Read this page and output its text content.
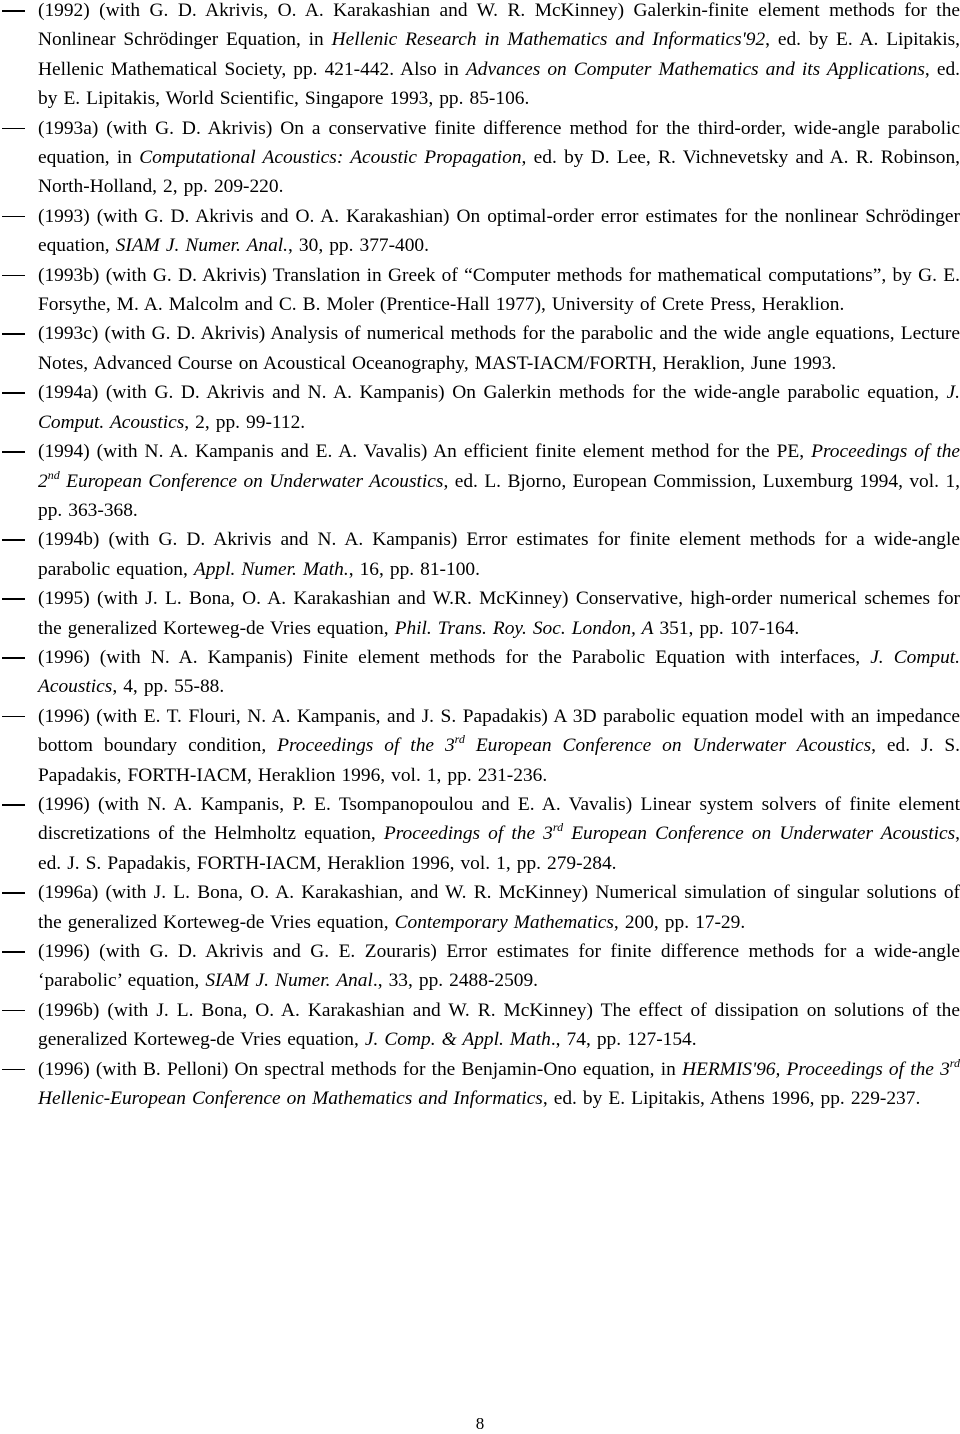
(1992) (with G. D. Akrivis, O. A. Karakashian and W. R. McKinney) Galerkin-finite element methods for the Nonlinear Schrödinger Equation, in Hellenic Research in Mathematics and Informatics'92, ed. by E. A. Lipitakis, Hellenic Mathematical Society, pp. 421-442. Also in Advances on Computer Mathematics and its Applications, ed. by E. Lipitakis, World Scientific, Singapore 1993, pp. 85-106.
(1993a) (with G. D. Akrivis) On a conservative finite difference method for the third-order, wide-angle parabolic equation, in Computational Acoustics: Acoustic Propagation, ed. by D. Lee, R. Vichnevetsky and A. R. Robinson, North-Holland, 2, pp. 209-220.
(1993) (with G. D. Akrivis and O. A. Karakashian) On optimal-order error estimates for the nonlinear Schrödinger equation, SIAM J. Numer. Anal., 30, pp. 377-400.
(1993b) (with G. D. Akrivis) Translation in Greek of “Computer methods for mathematical computations”, by G. E. Forsythe, M. A. Malcolm and C. B. Moler (Prentice-Hall 1977), University of Crete Press, Heraklion.
(1993c) (with G. D. Akrivis) Analysis of numerical methods for the parabolic and the wide angle equations, Lecture Notes, Advanced Course on Acoustical Oceanography, MAST-IACM/FORTH, Heraklion, June 1993.
(1994a) (with G. D. Akrivis and N. A. Kampanis) On Galerkin methods for the wide-angle parabolic equation, J. Comput. Acoustics, 2, pp. 99-112.
(1994) (with N. A. Kampanis and E. A. Vavalis) An efficient finite element method for the PE, Proceedings of the 2nd European Conference on Underwater Acoustics, ed. L. Bjorno, European Commission, Luxemburg 1994, vol. 1, pp. 363-368.
(1994b) (with G. D. Akrivis and N. A. Kampanis) Error estimates for finite element methods for a wide-angle parabolic equation, Appl. Numer. Math., 16, pp. 81-100.
(1995) (with J. L. Bona, O. A. Karakashian and W.R. McKinney) Conservative, high-order numerical schemes for the generalized Korteweg-de Vries equation, Phil. Trans. Roy. Soc. London, A 351, pp. 107-164.
(1996) (with N. A. Kampanis) Finite element methods for the Parabolic Equation with interfaces, J. Comput. Acoustics, 4, pp. 55-88.
(1996) (with E. T. Flouri, N. A. Kampanis, and J. S. Papadakis) A 3D parabolic equation model with an impedance bottom boundary condition, Proceedings of the 3rd European Conference on Underwater Acoustics, ed. J. S. Papadakis, FORTH-IACM, Heraklion 1996, vol. 1, pp. 231-236.
(1996) (with N. A. Kampanis, P. E. Tsompanopoulou and E. A. Vavalis) Linear system solvers of finite element discretizations of the Helmholtz equation, Proceedings of the 3rd European Conference on Underwater Acoustics, ed. J. S. Papadakis, FORTH-IACM, Heraklion 1996, vol. 1, pp. 279-284.
(1996a) (with J. L. Bona, O. A. Karakashian, and W. R. McKinney) Numerical simulation of singular solutions of the generalized Korteweg-de Vries equation, Contemporary Mathematics, 200, pp. 17-29.
(1996) (with G. D. Akrivis and G. E. Zouraris) Error estimates for finite difference methods for a wide-angle ‘parabolic’ equation, SIAM J. Numer. Anal., 33, pp. 2488-2509.
(1996b) (with J. L. Bona, O. A. Karakashian and W. R. McKinney) The effect of dissipation on solutions of the generalized Korteweg-de Vries equation, J. Comp. & Appl. Math., 74, pp. 127-154.
(1996) (with B. Pelloni) On spectral methods for the Benjamin-Ono equation, in HERMIS'96, Proceedings of the 3rd Hellenic-European Conference on Mathematics and Informatics, ed. by E. Lipitakis, Athens 1996, pp. 229-237.
8
